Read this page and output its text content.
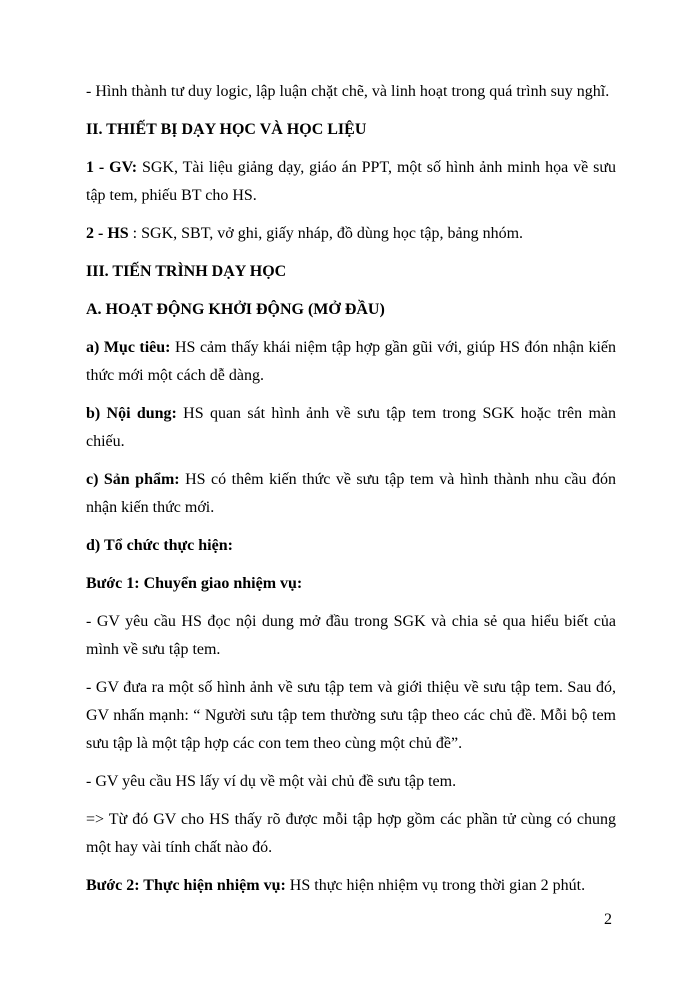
- Hình thành tư duy logic, lập luận chặt chẽ, và linh hoạt trong quá trình suy nghĩ.

II. THIẾT BỊ DẠY HỌC VÀ HỌC LIỆU

1 - GV: SGK, Tài liệu giảng dạy, giáo án PPT, một số hình ảnh minh họa về sưu tập tem, phiếu BT cho HS.

2 - HS : SGK, SBT, vở ghi, giấy nháp, đồ dùng học tập, bảng nhóm.

III. TIẾN TRÌNH DẠY HỌC

A. HOẠT ĐỘNG KHỞI ĐỘNG (MỞ ĐẦU)

a) Mục tiêu: HS cảm thấy khái niệm tập hợp gần gũi với, giúp HS đón nhận kiến thức mới một cách dễ dàng.

b) Nội dung: HS quan sát hình ảnh về sưu tập tem trong SGK hoặc trên màn chiếu.

c) Sản phẩm: HS có thêm kiến thức về sưu tập tem và hình thành nhu cầu đón nhận kiến thức mới.

d) Tổ chức thực hiện:

Bước 1: Chuyển giao nhiệm vụ:

- GV yêu cầu HS đọc nội dung mở đầu trong SGK và chia sẻ qua hiểu biết của mình về sưu tập tem.

- GV đưa ra một số hình ảnh về sưu tập tem và giới thiệu về sưu tập tem. Sau đó, GV nhấn mạnh: “ Người sưu tập tem thường sưu tập theo các chủ đề. Mỗi bộ tem sưu tập là một tập hợp các con tem theo cùng một chủ đề”.

- GV yêu cầu HS lấy ví dụ về một vài chủ đề sưu tập tem.

=> Từ đó GV cho HS thấy rõ được mỗi tập hợp gồm các phần tử cùng có chung một hay vài tính chất nào đó.

Bước 2: Thực hiện nhiệm vụ: HS thực hiện nhiệm vụ trong thời gian 2 phút.

2
